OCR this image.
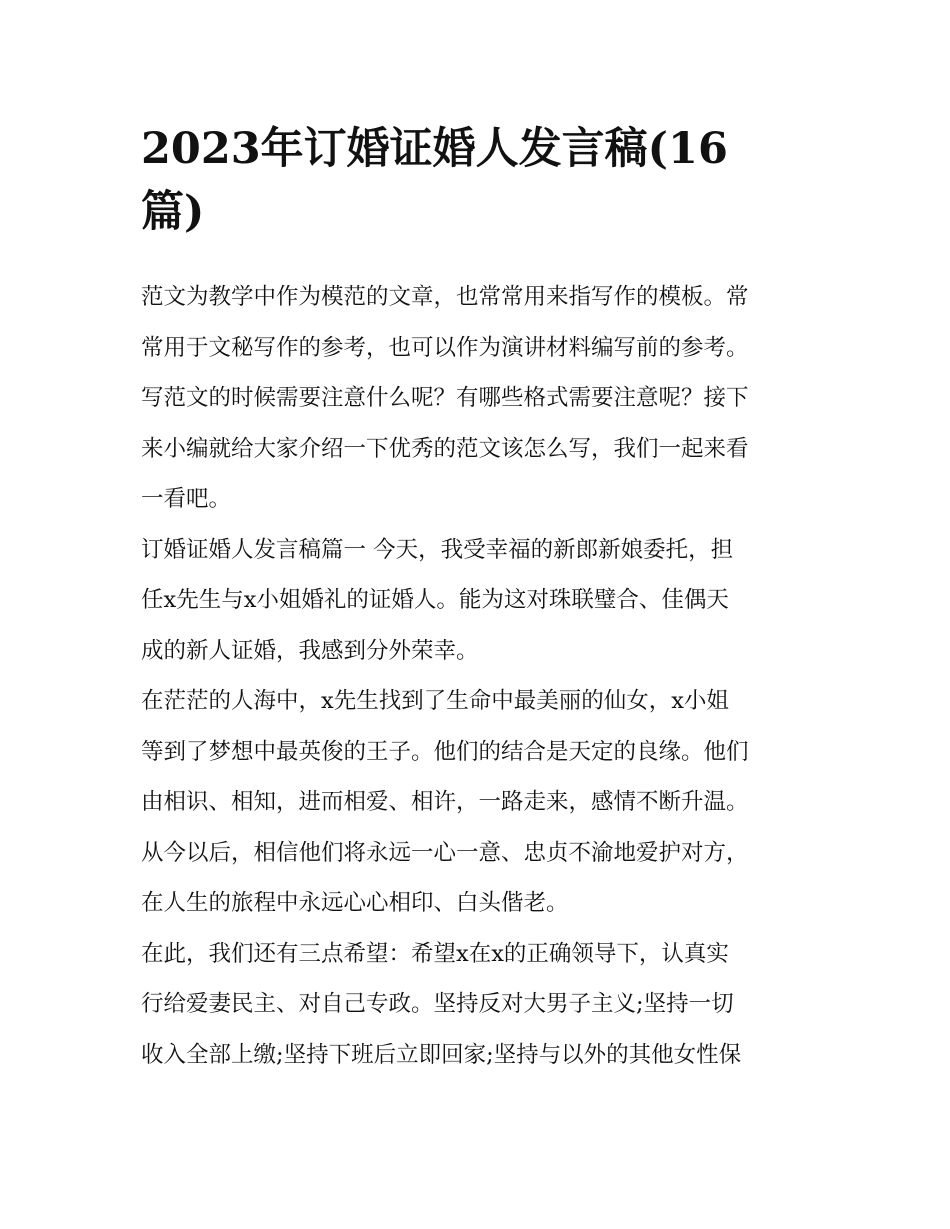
2023年订婚证婚人发言稿(16
篇)

范文为教学中作为模范的文章，也常常用来指写作的模板。常
常用于文秘写作的参考，也可以作为演讲材料编写前的参考。
写范文的时候需要注意什么呢？有哪些格式需要注意呢？接下
来小编就给大家介绍一下优秀的范文该怎么写，我们一起来看
一看吧。

订婚证婚人发言稿篇一 今天，我受幸福的新郎新娘委托，担
任x先生与x小姐婚礼的证婚人。能为这对珠联璧合、佳偶天
成的新人证婚，我感到分外荣幸。

在茫茫的人海中，x先生找到了生命中最美丽的仙女，x小姐
等到了梦想中最英俊的王子。他们的结合是天定的良缘。他们
由相识、相知，进而相爱、相许，一路走来，感情不断升温。
从今以后，相信他们将永远一心一意、忠贞不渝地爱护对方，
在人生的旅程中永远心心相印、白头偕老。

在此，我们还有三点希望：希望x在x的正确领导下，认真实
行给爱妻民主、对自己专政。坚持反对大男子主义;坚持一切
收入全部上缴;坚持下班后立即回家;坚持与以外的其他女性保
